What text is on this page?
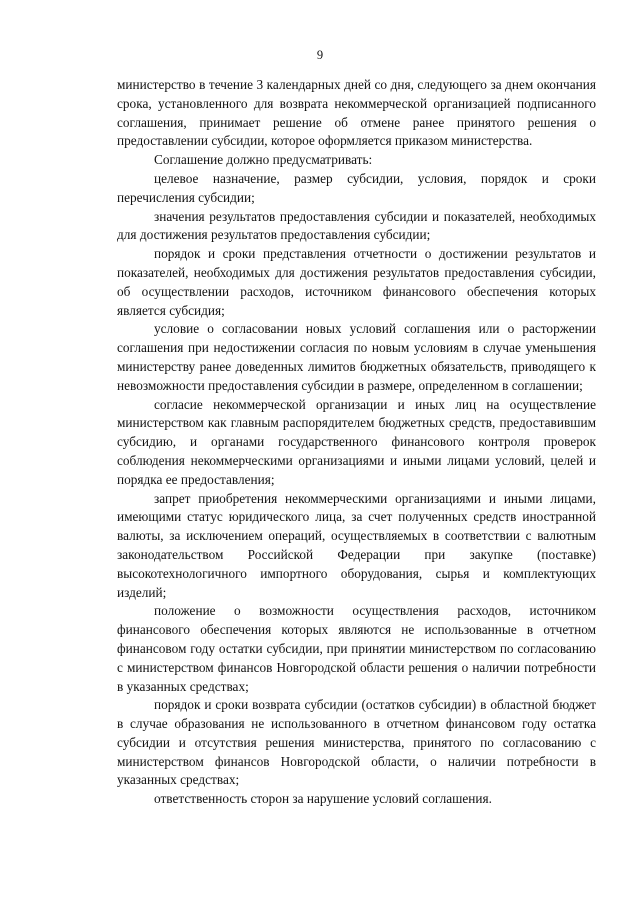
9

министерство в течение 3 календарных дней со дня, следующего за днем окончания срока, установленного для возврата некоммерческой организацией подписанного соглашения, принимает решение об отмене ранее принятого решения о предоставлении субсидии, которое оформляется приказом министерства.

Соглашение должно предусматривать:

целевое назначение, размер субсидии, условия, порядок и сроки перечисления субсидии;

значения результатов предоставления субсидии и показателей, необходимых для достижения результатов предоставления субсидии;

порядок и сроки представления отчетности о достижении результатов и показателей, необходимых для достижения результатов предоставления субсидии, об осуществлении расходов, источником финансового обеспечения которых является субсидия;

условие о согласовании новых условий соглашения или о расторжении соглашения при недостижении согласия по новым условиям в случае уменьшения министерству ранее доведенных лимитов бюджетных обязательств, приводящего к невозможности предоставления субсидии в размере, определенном в соглашении;

согласие некоммерческой организации и иных лиц на осуществление министерством как главным распорядителем бюджетных средств, предоставившим субсидию, и органами государственного финансового контроля проверок соблюдения некоммерческими организациями и иными лицами условий, целей и порядка ее предоставления;

запрет приобретения некоммерческими организациями и иными лицами, имеющими статус юридического лица, за счет полученных средств иностранной валюты, за исключением операций, осуществляемых в соответствии с валютным законодательством Российской Федерации при закупке (поставке) высокотехнологичного импортного оборудования, сырья и комплектующих изделий;

положение о возможности осуществления расходов, источником финансового обеспечения которых являются не использованные в отчетном финансовом году остатки субсидии, при принятии министерством по согласованию с министерством финансов Новгородской области решения о наличии потребности в указанных средствах;

порядок и сроки возврата субсидии (остатков субсидии) в областной бюджет в случае образования не использованного в отчетном финансовом году остатка субсидии и отсутствия решения министерства, принятого по согласованию с министерством финансов Новгородской области, о наличии потребности в указанных средствах;

ответственность сторон за нарушение условий соглашения.
